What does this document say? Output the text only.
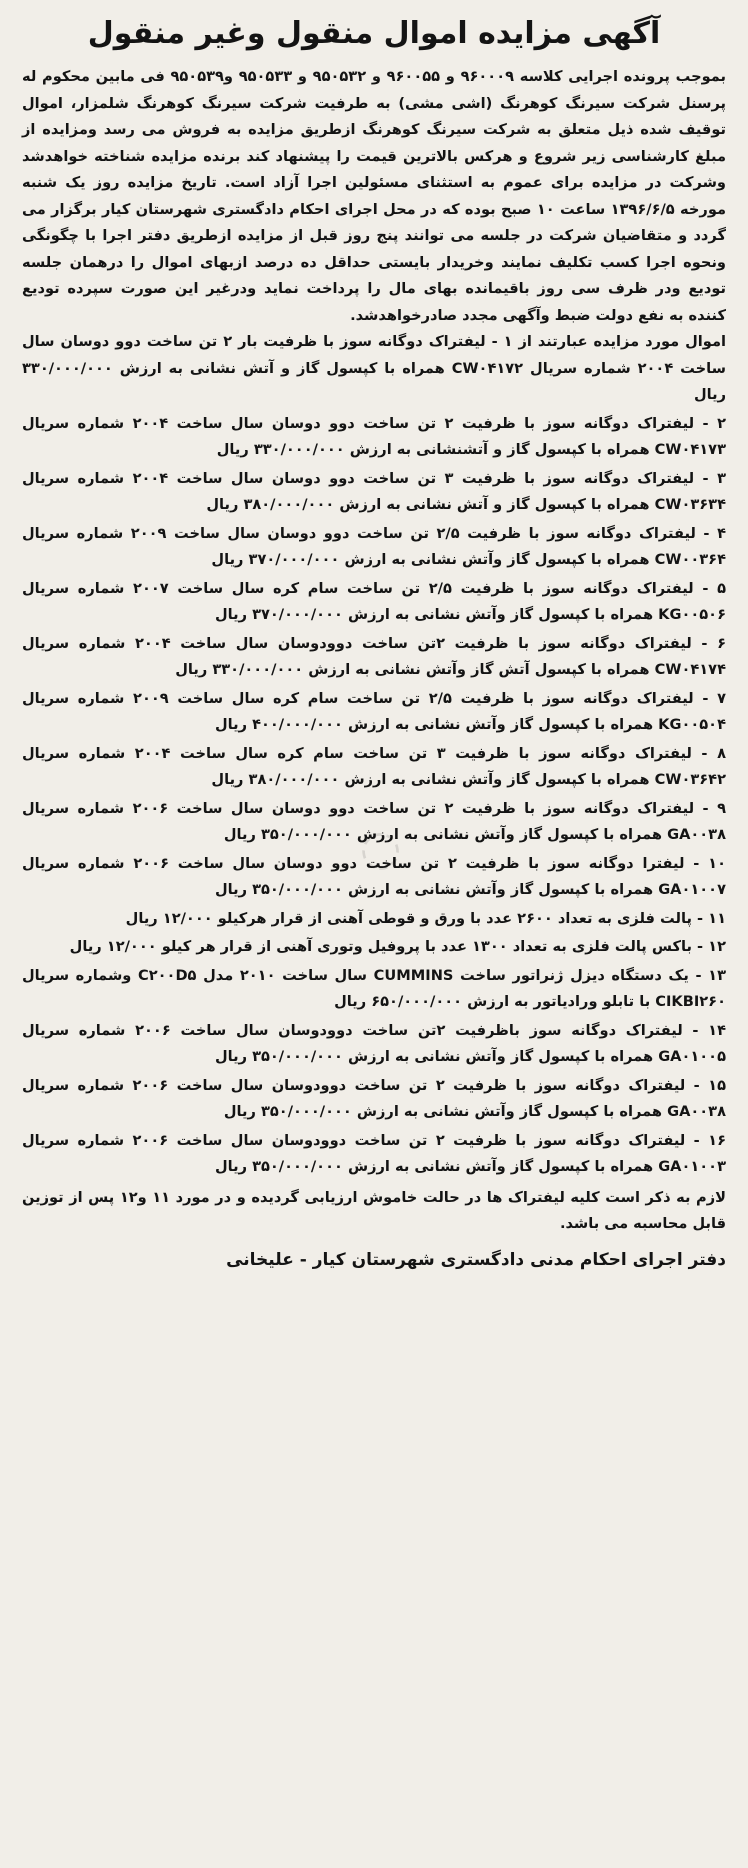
◌
آگهی مزایده اموال منقول وغیر منقول

بموجب پرونده اجرایی کلاسه ۹۶۰۰۰۹ و ۹۶۰۰۵۵ و ۹۵۰۵۳۲ و ۹۵۰۵۳۳ و۹۵۰۵۳۹ فی مابین محکوم له پرسنل شرکت سیرنگ کوهرنگ (اشی مشی) به طرفیت شرکت سیرنگ کوهرنگ شلمزار، اموال توقیف شده ذیل متعلق به شرکت سیرنگ کوهرنگ ازطریق مزایده به فروش می رسد ومزایده از مبلغ کارشناسی زیر شروع و هرکس بالاترین قیمت را پیشنهاد کند برنده مزایده شناخته خواهدشد وشرکت در مزایده برای عموم به استثنای مسئولین اجرا آزاد است. تاریخ مزایده روز یک شنبه مورخه ۱۳۹۶/۶/۵ ساعت ۱۰ صبح بوده که در محل اجرای احکام دادگستری شهرستان کیار برگزار می گردد و متقاضیان شرکت در جلسه می توانند پنج روز قبل از مزایده ازطریق دفتر اجرا با چگونگی ونحوه اجرا کسب تکلیف نمایند وخریدار بایستی حداقل ده درصد ازبهای اموال را درهمان جلسه تودیع ودر ظرف سی روز باقیمانده بهای مال را پرداخت نماید ودرغیر این صورت سپرده تودیع کننده به نفع دولت ضبط وآگهی مجدد صادرخواهدشد.

اموال مورد مزایده عبارتند از ۱ - لیفتراک دوگانه سوز با ظرفیت بار ۲ تن ساخت دوو دوسان سال ساخت ۲۰۰۴ شماره سریال CW۰۴۱۷۲ همراه با کپسول گاز و آتش نشانی به ارزش ۳۳۰/۰۰۰/۰۰۰ ریال

۲ - لیفتراک دوگانه سوز با ظرفیت ۲ تن ساخت دوو دوسان سال ساخت ۲۰۰۴ شماره سریال CW۰۴۱۷۳ همراه با کپسول گاز و آتشنشانی به ارزش ۳۳۰/۰۰۰/۰۰۰ ریال
۳ - لیفتراک دوگانه سوز با ظرفیت ۳ تن ساخت دوو دوسان سال ساخت ۲۰۰۴ شماره سریال CW۰۳۶۳۴ همراه با کپسول گاز و آتش نشانی به ارزش ۳۸۰/۰۰۰/۰۰۰ ریال
۴ - لیفتراک دوگانه سوز با ظرفیت ۲/۵ تن ساخت دوو دوسان سال ساخت ۲۰۰۹ شماره سریال CW۰۰۳۶۴ همراه با کپسول گاز وآتش نشانی به ارزش ۳۷۰/۰۰۰/۰۰۰ ریال
۵ - لیفتراک دوگانه سوز با ظرفیت ۲/۵ تن ساخت سام کره سال ساخت ۲۰۰۷ شماره سریال KG۰۰۵۰۶ همراه با کپسول گاز وآتش نشانی به ارزش ۳۷۰/۰۰۰/۰۰۰ ریال
۶ - لیفتراک دوگانه سوز با ظرفیت ۲تن ساخت دوودوسان سال ساخت ۲۰۰۴ شماره سریال CW۰۴۱۷۴ همراه با کپسول آتش گاز وآتش نشانی به ارزش ۳۳۰/۰۰۰/۰۰۰ ریال
۷ - لیفتراک دوگانه سوز با ظرفیت ۲/۵ تن ساخت سام کره سال ساخت ۲۰۰۹ شماره سریال KG۰۰۵۰۴ همراه با کپسول گاز وآتش نشانی به ارزش ۴۰۰/۰۰۰/۰۰۰ ریال
۸ - لیفتراک دوگانه سوز با ظرفیت ۳ تن ساخت سام کره سال ساخت ۲۰۰۴ شماره سریال CW۰۳۶۴۲ همراه با کپسول گاز وآتش نشانی به ارزش ۳۸۰/۰۰۰/۰۰۰ ریال
۹ - لیفتراک دوگانه سوز با ظرفیت ۲ تن ساخت دوو دوسان سال ساخت ۲۰۰۶ شماره سریال GA۰۰۳۸ همراه با کپسول گاز وآتش نشانی به ارزش ۳۵۰/۰۰۰/۰۰۰ ریال
۱۰ - لیفترا دوگانه سوز با ظرفیت ۲ تن ساخت دوو دوسان سال ساخت ۲۰۰۶ شماره سریال GA۰۱۰۰۷ همراه با کپسول گاز وآتش نشانی به ارزش ۳۵۰/۰۰۰/۰۰۰ ریال
۱۱ - پالت فلزی به تعداد ۲۶۰۰ عدد با ورق و قوطی آهنی از قرار هرکیلو ۱۲/۰۰۰ ریال
۱۲ - باکس پالت فلزی به تعداد ۱۳۰۰ عدد با پروفیل وتوری آهنی از قرار هر کیلو ۱۲/۰۰۰ ریال
۱۳ - یک دستگاه دیزل ژنراتور ساخت CUMMINS سال ساخت ۲۰۱۰ مدل C۲۰۰D۵ وشماره سریال CIKBI۲۶۰ با تابلو ورادیاتور به ارزش ۶۵۰/۰۰۰/۰۰۰ ریال
۱۴ - لیفتراک دوگانه سوز باظرفیت ۲تن ساخت دوودوسان سال ساخت ۲۰۰۶ شماره سریال GA۰۱۰۰۵ همراه با کپسول گاز وآتش نشانی به ارزش ۳۵۰/۰۰۰/۰۰۰ ریال
۱۵ - لیفتراک دوگانه سوز با ظرفیت ۲ تن ساخت دوودوسان سال ساخت ۲۰۰۶ شماره سریال GA۰۰۳۸ همراه با کپسول گاز وآتش نشانی به ارزش ۳۵۰/۰۰۰/۰۰۰ ریال
۱۶ - لیفتراک دوگانه سوز با ظرفیت ۲ تن ساخت دوودوسان سال ساخت ۲۰۰۶ شماره سریال GA۰۱۰۰۳ همراه با کپسول گاز وآتش نشانی به ارزش ۳۵۰/۰۰۰/۰۰۰ ریال

لازم به ذکر است کلیه لیفتراک ها در حالت خاموش ارزیابی گردیده و در مورد ۱۱ و۱۲ پس از توزین قابل محاسبه می باشد.

دفتر اجرای احکام مدنی دادگستری شهرستان کیار - علیخانی
